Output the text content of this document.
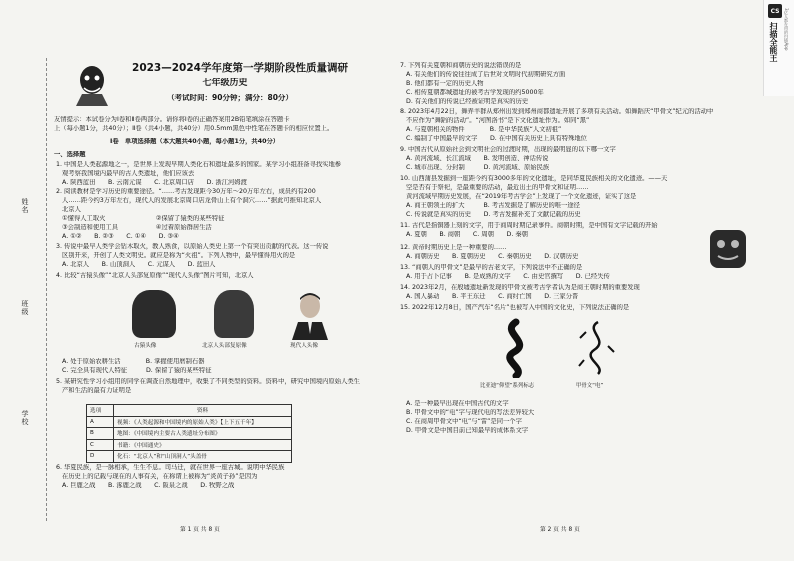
姓名
班级
学校
2023—2024学年度第一学期阶段性质量调研
七年级历史
（考试时间：90分钟；满分：80分）
友情提示：本试卷分为Ⅰ卷和Ⅱ卷两部分。请你将Ⅰ卷的正确答案用2B铅笔填涂在答题卡
上（每小题1分，共40分）；Ⅱ卷（共4小题，共40分）用0.5mm黑色中性笔在答题卡的相应位置上。
Ⅰ卷　单项选择题（本大题共40小题，每小题1分，共40分）
一、选择题
1. 中国是人类起源地之一，是世界上发现早期人类化石和遗址最多的国家。某学习小组准备寻找实地参
观考察我国境内最早的古人类遗址，他们应该去
A. 陕西蓝田　　B. 云南元谋　　C. 北京周口店　　D. 浙江河姆渡
2. 阅读教材是学习历史的重要途径。“……考古发现距今30万年～20万年左右，成员约有200
人……距今约3万年左右，现代人的发展北京周口店龙骨山上有个洞穴……”据此可推知北京人
北京人
①懂得人工取火　　　　　　　　②保留了猿类的某些特征
③会制造和使用工具　　　　　　④过着原始群居生活
A. ①②　　B. ②③　　C. ①④　　D. ③④
3. 传说中最早人类学会钻木取火，教人熟食，以原始人类史上第一个有突出贡献的代表。这一传说
区别开来，开创了人类文明史。就应是称为“火祖”。下列人物中，最早懂得用火的是
A. 北京人　　B. 山顶洞人　　C. 元谋人　　D. 蓝田人
4. 比较“古猿头像”“北京人头部复原像”“现代人头像”图片可知，北京人
古猿头像	北京人头部复原像	现代人头像
A. 处于原始农耕生活　　　　B. 掌握使用磨制石器
C. 完全具有现代人特征　　　D. 保留了猿的某些特征
5. 某研究性学习小组用的同学在调查自然地理中，收集了不同类型的资料。资料中，研究中国境内原始人类生
产和生活的最有力证明是
选项	资料
A	视频：《人类起源和中国境内的原始人类》【上下五千年】
B	地图：《中国境内主要古人类遗址分布图》
C	书籍：《中国通史》
D	化石：“北京人”和“山顶洞人”头盖骨
6. 华夏民族，是一脉相承，生生不息。司马迁，就在世界一座古城。说明中华民族
在历史上的记载与现在的人事有关，在称谓上被称为“炎黄子孙”是因为
A. 巨鹿之战　　B. 涿鹿之战　　C. 阪泉之战　　D. 牧野之战
第 1 页 共 8 页
7. 下列有关夏朝和商朝历史的说法错误的是
A. 有关他们的传说往往成了后世对文明时代初期研究方面
B. 他们都有一定的历史人物
C. 相传夏朝都城遗址的被考古学发现的约5000年
D. 有关他们的传说已经被证明是真实的历史
8. 2023年4月22日，舞弄羊群从郑州出发到郑州商都遗址开展了多项有关活动。如舞蹈庆“甲骨文”纪元的活动中
不应作为“舞蹈的活动”。“河图洛书”是下文化遗址作为。如同“黑”
A. 与夏朝相关的物件　　　　B. 是中华民族“人文初祖”
C. 编制了中国最早的文字　　D. 在中国有关历史上具有特殊地位
9. 中国古代从原始社会到文明社会的过渡时期，出现的最明显的以下哪一文字
A. 黄河流域、长江流域　　B. 发明创造、神话传说
C. 城市出现、分封制　　　D. 黄河流域、原始民族
10. 山西蒲县发掘到一座距今约有3000多年的文化遗址，是同华夏民族相关的文化遗迹。——天
空是否有于祭祀，是最重要的活动，最近出土的甲骨文和证明……
黄河流域早期历史发展，在“2019年考古学会”上发现了一个文化遗迹，证实了这是
A. 商王朝领土的扩大　　　B. 考古发掘是了解历史的唯一途径
C. 传说就是真实的历史　　D. 考古发掘补充了文献记载的历史
11. 古代是指铜器上刻的文字，用于商周时期记录事件。商朝时期，是中国有文字记载的开始
A. 夏朝　　B. 商朝　　C. 周朝　　D. 秦朝
12. 黄帝时期历史上是一种重要的……
A. 商朝历史　　B. 夏朝历史　　C. 秦朝历史　　D. 汉朝历史
13. “商朝人的甲骨文”是最早的古老文字，下列说法中不正确的是
A. 用于占卜记事　　B. 是成熟的文字　　C. 由史官撰写　　D. 已经失传
14. 2023年2月，在殷墟遗址新发现的甲骨文被考古学者认为是商王朝时期的重要发现
A. 国人暴动　　B. 平王东迁　　C. 商纣亡国　　D. 三家分晋
15. 2022年12月8日，国产汽车“名片”也被写入中国的文化史，下列说法正确的是
比亚迪“仰望”系列标志	甲骨文“电”
A. 是一种最早出现在中国古代的文字
B. 甲骨文中的“电”字与现代电的写法差异较大
C. 在商周甲骨文中“电”与“雷”是同一个字
D. 甲骨文是中国目前已知最早的成体系文字
第 2 页 共 8 页
CS
扫描全能王 3亿人都在用的扫描App
